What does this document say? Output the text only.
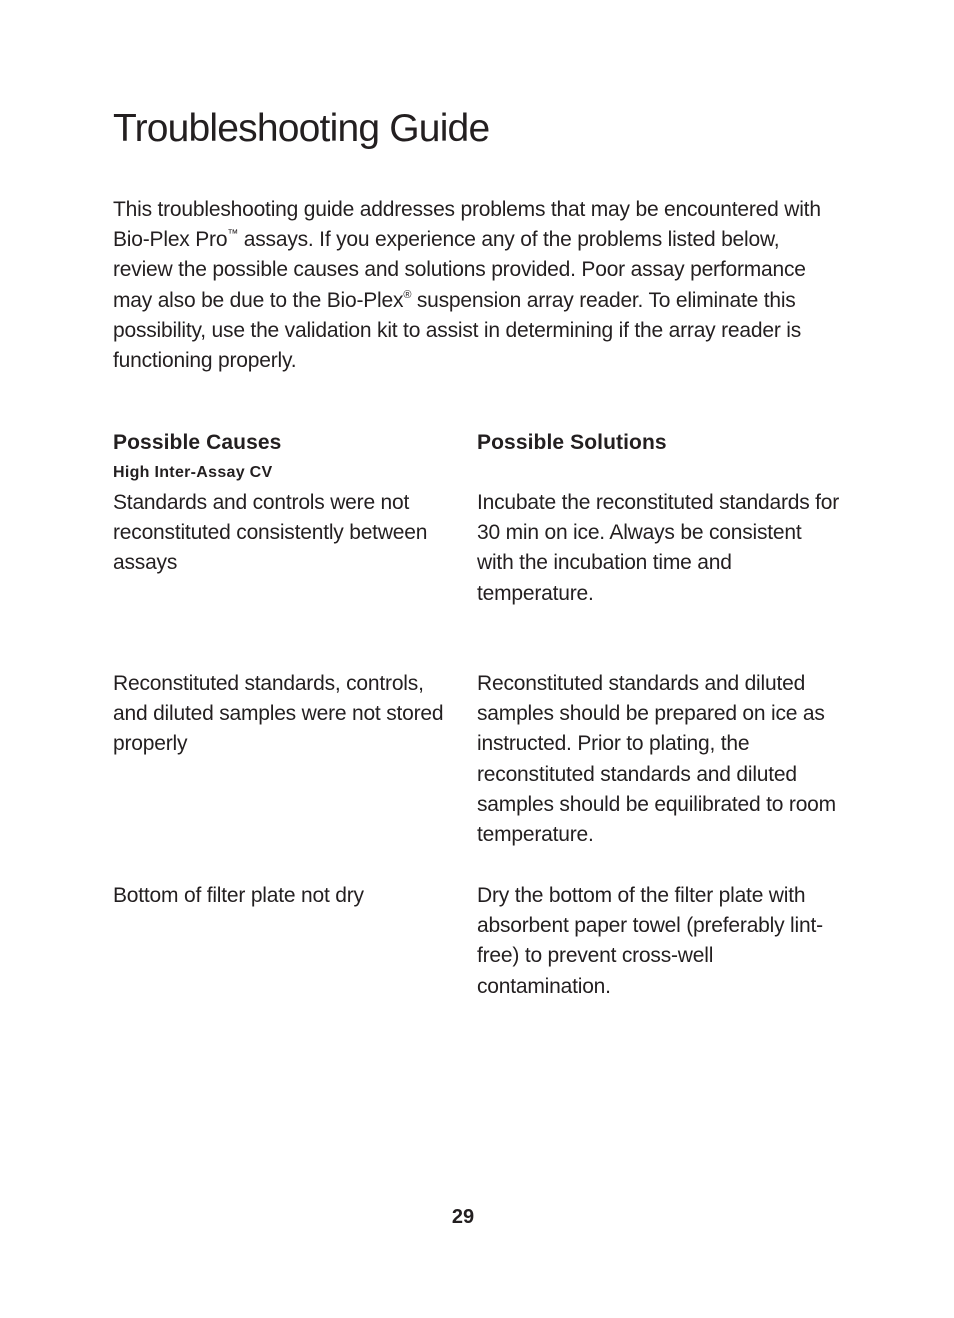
Troubleshooting Guide

This troubleshooting guide addresses problems that may be encountered with Bio-Plex Pro™ assays. If you experience any of the problems listed below, review the possible causes and solutions provided. Poor assay performance may also be due to the Bio-Plex® suspension array reader. To eliminate this possibility, use the validation kit to assist in determining if the array reader is functioning properly.

Possible Causes	Possible Solutions
High Inter-Assay CV

Standards and controls were not reconstituted consistently between assays

Incubate the reconstituted standards for 30 min on ice. Always be consistent with the incubation time and temperature.

Reconstituted standards, controls, and diluted samples were not stored properly

Reconstituted standards and diluted samples should be prepared on ice as instructed. Prior to plating, the reconstituted standards and diluted samples should be equilibrated to room temperature.

Bottom of filter plate not dry	Dry the bottom of the filter plate with absorbent paper towel (preferably lint-free) to prevent cross-well contamination.

29
